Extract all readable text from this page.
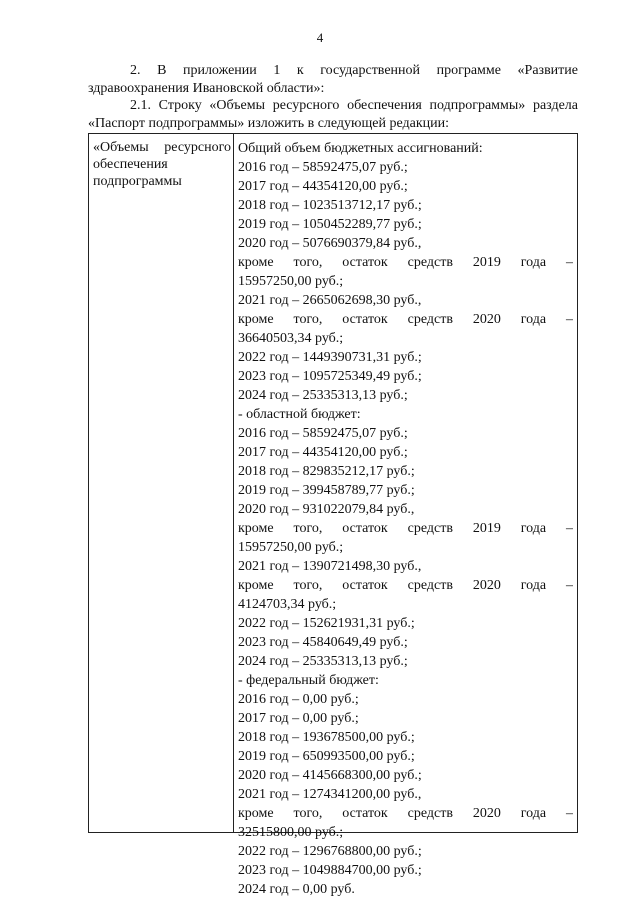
4
2. В приложении 1 к государственной программе «Развитие здравоохранения Ивановской области»:
2.1. Строку «Объемы ресурсного обеспечения подпрограммы» раздела «Паспорт подпрограммы» изложить в следующей редакции:
«Объемы ресурсного
обеспечения
подпрограммы
Общий объем бюджетных ассигнований:
2016 год – 58592475,07 руб.;
2017 год – 44354120,00 руб.;
2018 год – 1023513712,17 руб.;
2019 год – 1050452289,77 руб.;
2020 год – 5076690379,84 руб.,
кроме того, остаток средств 2019 года –
15957250,00 руб.;
2021 год – 2665062698,30 руб.,
кроме того, остаток средств 2020 года –
36640503,34 руб.;
2022 год – 1449390731,31 руб.;
2023 год – 1095725349,49 руб.;
2024 год – 25335313,13 руб.;
- областной бюджет:
2016 год – 58592475,07 руб.;
2017 год – 44354120,00 руб.;
2018 год – 829835212,17 руб.;
2019 год – 399458789,77 руб.;
2020 год – 931022079,84 руб.,
кроме того, остаток средств 2019 года –
15957250,00 руб.;
2021 год – 1390721498,30 руб.,
кроме того, остаток средств 2020 года –
4124703,34 руб.;
2022 год – 152621931,31 руб.;
2023 год – 45840649,49 руб.;
2024 год – 25335313,13 руб.;
- федеральный бюджет:
2016 год – 0,00 руб.;
2017 год – 0,00 руб.;
2018 год – 193678500,00 руб.;
2019 год – 650993500,00 руб.;
2020 год – 4145668300,00 руб.;
2021 год – 1274341200,00 руб.,
кроме того, остаток средств 2020 года –
32515800,00 руб.;
2022 год – 1296768800,00 руб.;
2023 год – 1049884700,00 руб.;
2024 год – 0,00 руб.
